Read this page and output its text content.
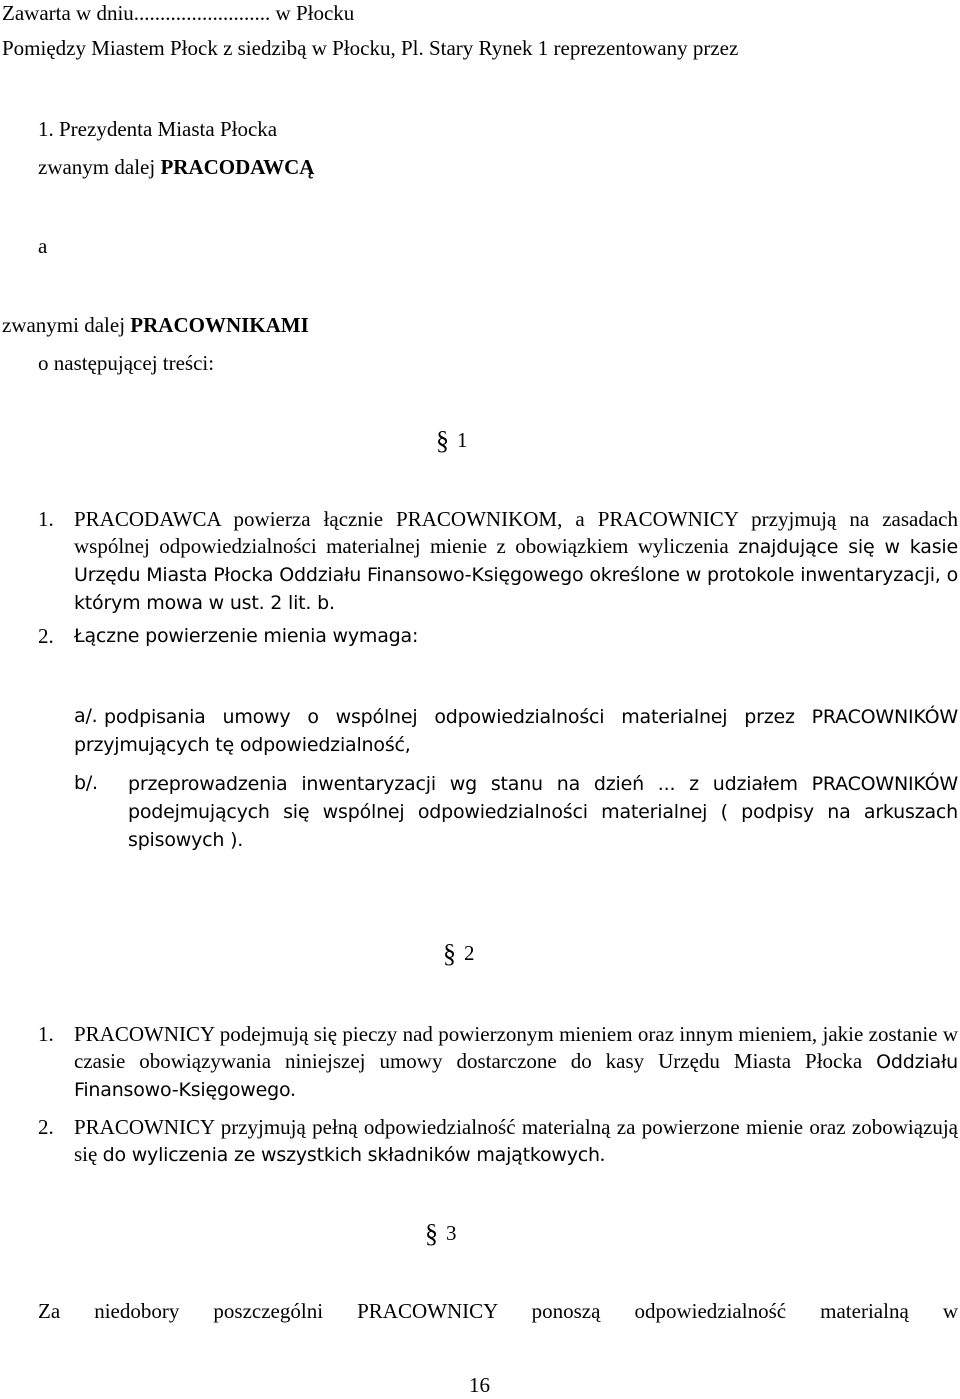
Zawarta w dniu.......................... w Płocku
Pomiędzy Miastem Płock z siedzibą w Płocku, Pl. Stary Rynek 1 reprezentowany przez
1. Prezydenta Miasta Płocka
zwanym dalej PRACODAWCĄ
a
zwanymi dalej PRACOWNIKAMI
o następującej treści:
§ 1
1. PRACODAWCA powierza łącznie PRACOWNIKOM, a PRACOWNICY przyjmują na zasadach wspólnej odpowiedzialności materialnej mienie z obowiązkiem wyliczenia znajdujące się w kasie Urzędu Miasta Płocka Oddziału Finansowo-Księgowego określone w protokole inwentaryzacji, o którym mowa w ust. 2 lit. b.
2. Łączne powierzenie mienia wymaga:
a/. podpisania umowy o wspólnej odpowiedzialności materialnej przez PRACOWNIKÓW przyjmujących tę odpowiedzialność,
b/. przeprowadzenia inwentaryzacji wg stanu na dzień ... z udziałem PRACOWNIKÓW podejmujących się wspólnej odpowiedzialności materialnej ( podpisy na arkuszach spisowych ).
§ 2
1. PRACOWNICY podejmują się pieczy nad powierzonym mieniem oraz innym mieniem, jakie zostanie w czasie obowiązywania niniejszej umowy dostarczone do kasy Urzędu Miasta Płocka Oddziału Finansowo-Księgowego.
2. PRACOWNICY przyjmują pełną odpowiedzialność materialną za powierzone mienie oraz zobowiązują się do wyliczenia ze wszystkich składników majątkowych.
§ 3
Za niedobory poszczególni PRACOWNICY ponoszą odpowiedzialność materialną w
16
